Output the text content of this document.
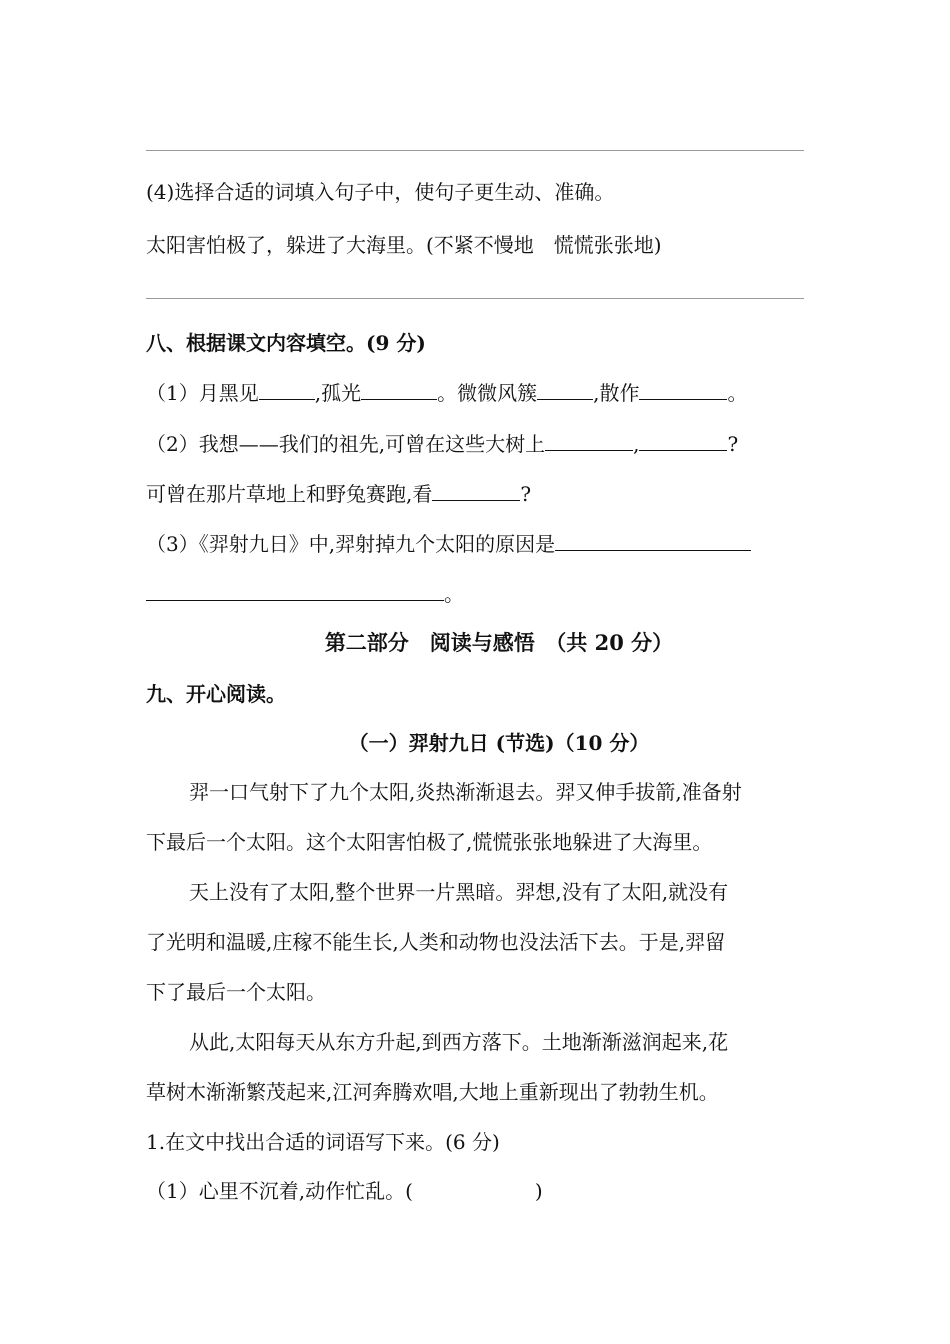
(4)选择合适的词填入句子中，使句子更生动、准确。
太阳害怕极了，躲进了大海里。(不紧不慢地　慌慌张张地)
八、根据课文内容填空。(9 分)
（1）月黑见	,孤光	。微微风簇	,散作	。
（2）我想——我们的祖先,可曾在这些大树上	,	?
可曾在那片草地上和野兔赛跑,看	?
（3）《羿射九日》中,羿射掉九个太阳的原因是
。
第二部分　阅读与感悟　（共 20 分）
九、开心阅读。
（一）羿射九日 (节选)（10 分）
羿一口气射下了九个太阳,炎热渐渐退去。羿又伸手拔箭,准备射
下最后一个太阳。这个太阳害怕极了,慌慌张张地躲进了大海里。
天上没有了太阳,整个世界一片黑暗。羿想,没有了太阳,就没有
了光明和温暖,庄稼不能生长,人类和动物也没法活下去。于是,羿留
下了最后一个太阳。
从此,太阳每天从东方升起,到西方落下。土地渐渐滋润起来,花
草树木渐渐繁茂起来,江河奔腾欢唱,大地上重新现出了勃勃生机。
1.在文中找出合适的词语写下来。(6 分)
（1）心里不沉着,动作忙乱。(	)
